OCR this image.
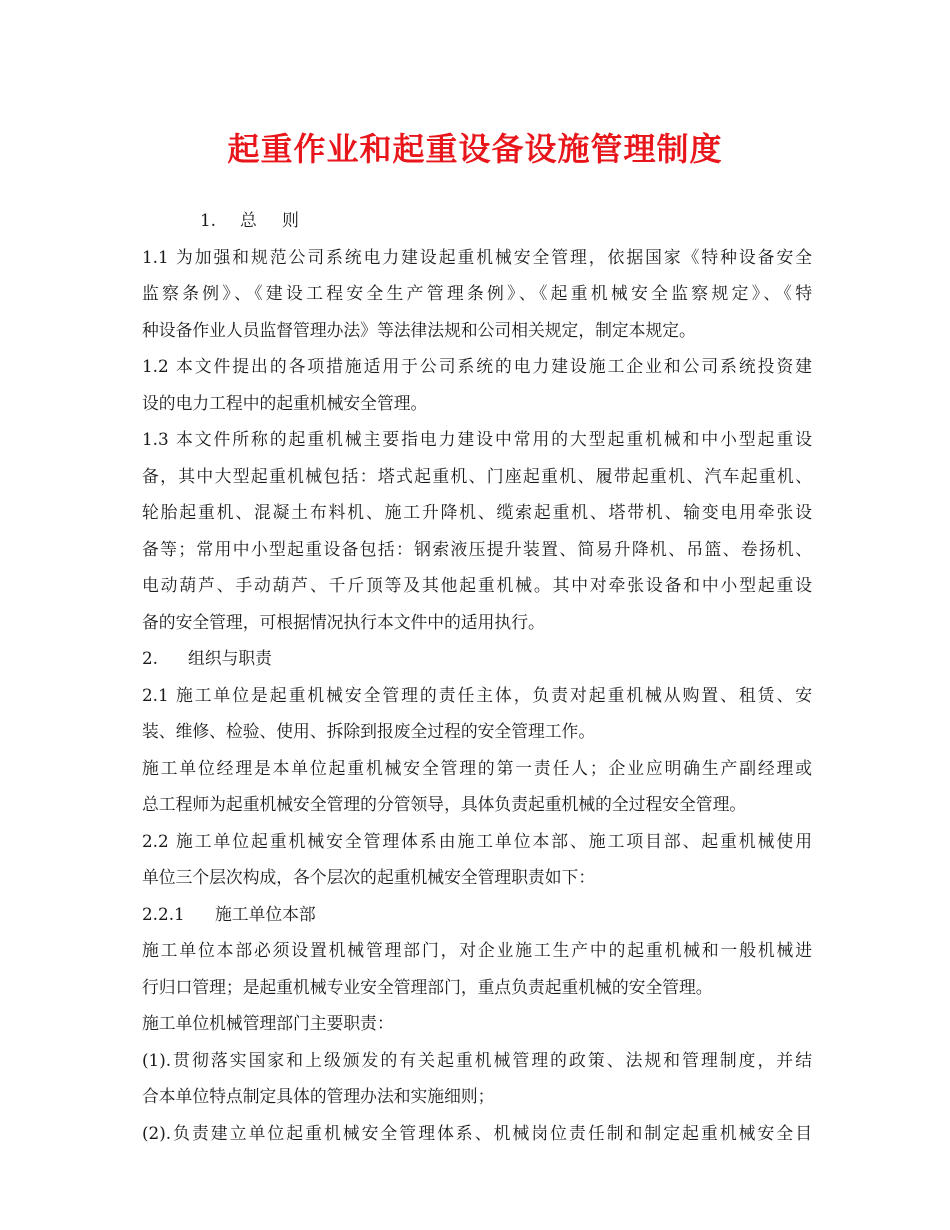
起重作业和起重设备设施管理制度
1.	总 则
1.1 为加强和规范公司系统电力建设起重机械安全管理，依据国家《特种设备安全
监察条例》、《建设工程安全生产管理条例》、《起重机械安全监察规定》、《特
种设备作业人员监督管理办法》等法律法规和公司相关规定，制定本规定。
1.2 本文件提出的各项措施适用于公司系统的电力建设施工企业和公司系统投资建
设的电力工程中的起重机械安全管理。
1.3 本文件所称的起重机械主要指电力建设中常用的大型起重机械和中小型起重设
备，其中大型起重机械包括：塔式起重机、门座起重机、履带起重机、汽车起重机、
轮胎起重机、混凝土布料机、施工升降机、缆索起重机、塔带机、输变电用牵张设
备等；常用中小型起重设备包括：钢索液压提升装置、简易升降机、吊篮、卷扬机、
电动葫芦、手动葫芦、千斤顶等及其他起重机械。其中对牵张设备和中小型起重设
备的安全管理，可根据情况执行本文件中的适用执行。
2.	组织与职责
2.1 施工单位是起重机械安全管理的责任主体，负责对起重机械从购置、租赁、安
装、维修、检验、使用、拆除到报废全过程的安全管理工作。
施工单位经理是本单位起重机械安全管理的第一责任人；企业应明确生产副经理或
总工程师为起重机械安全管理的分管领导，具体负责起重机械的全过程安全管理。
2.2 施工单位起重机械安全管理体系由施工单位本部、施工项目部、起重机械使用
单位三个层次构成，各个层次的起重机械安全管理职责如下：
2.2.1	施工单位本部
施工单位本部必须设置机械管理部门，对企业施工生产中的起重机械和一般机械进
行归口管理；是起重机械专业安全管理部门，重点负责起重机械的安全管理。
施工单位机械管理部门主要职责：
(1).贯彻落实国家和上级颁发的有关起重机械管理的政策、法规和管理制度，并结
合本单位特点制定具体的管理办法和实施细则；
(2).负责建立单位起重机械安全管理体系、机械岗位责任制和制定起重机械安全目
